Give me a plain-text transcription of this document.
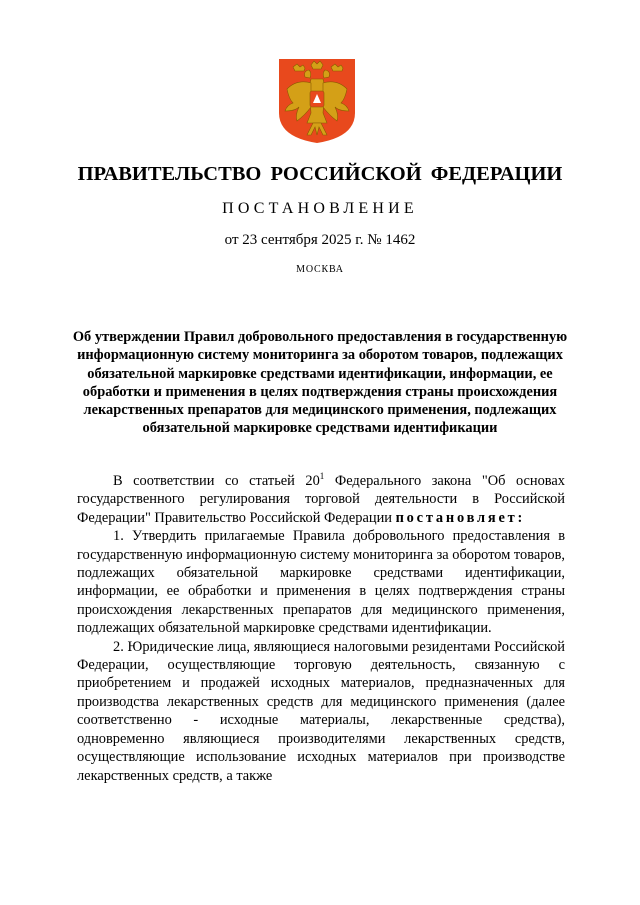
ПРАВИТЕЛЬСТВО РОССИЙСКОЙ ФЕДЕРАЦИИ
ПОСТАНОВЛЕНИЕ
от 23 сентября 2025 г. № 1462
МОСКВА
Об утверждении Правил добровольного предоставления в государственную информационную систему мониторинга за оборотом товаров, подлежащих обязательной маркировке средствами идентификации, информации, ее обработки и применения в целях подтверждения страны происхождения лекарственных препаратов для медицинского применения, подлежащих обязательной маркировке средствами идентификации

В соответствии со статьей $20^1$ Федерального закона "Об основах государственного регулирования торговой деятельности в Российской Федерации" Правительство Российской Федерации постановляет:

1. Утвердить прилагаемые Правила добровольного предоставления в государственную информационную систему мониторинга за оборотом товаров, подлежащих обязательной маркировке средствами идентификации, информации, ее обработки и применения в целях подтверждения страны происхождения лекарственных препаратов для медицинского применения, подлежащих обязательной маркировке средствами идентификации.

2. Юридические лица, являющиеся налоговыми резидентами Российской Федерации, осуществляющие торговую деятельность, связанную с приобретением и продажей исходных материалов, предназначенных для производства лекарственных средств для медицинского применения (далее соответственно - исходные материалы, лекарственные средства), одновременно являющиеся производителями лекарственных средств, осуществляющие использование исходных материалов при производстве лекарственных средств, а также
